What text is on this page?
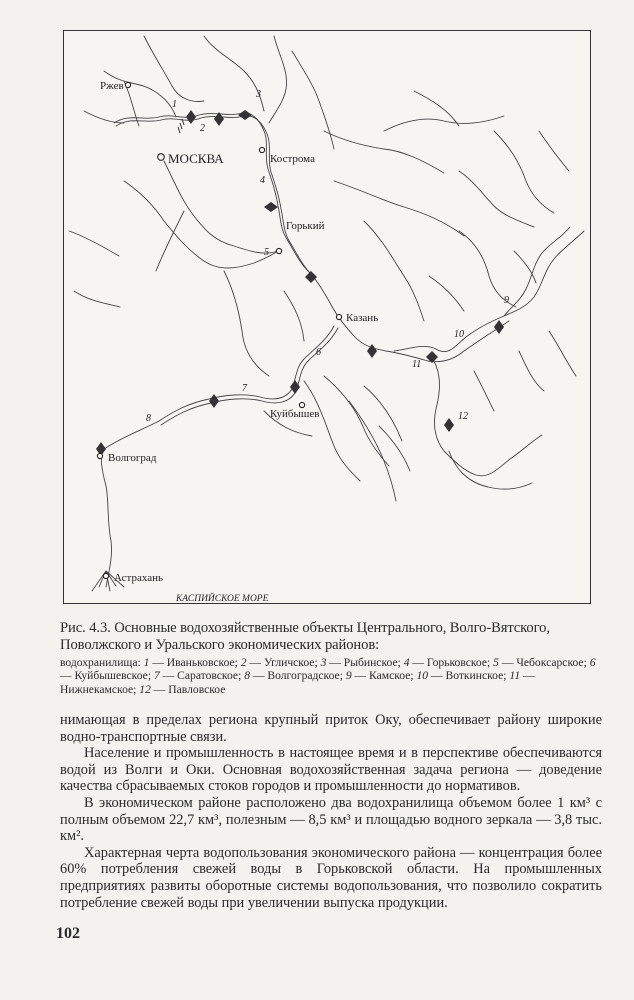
Ржев
МОСКВА	Кострома
Горький
Казань
Куйбышев
Волгоград
Астрахань
КАСПИЙСКОЕ МОРЕ
1
2
3
4
5
6
7
8
9
10
11
12
Рис. 4.3. Основные водохозяйственные объекты Центрального, Волго-Вятского, Поволжского и Уральского экономических районов:
водохранилища: 1 — Иваньковское; 2 — Угличское; 3 — Рыбинское; 4 — Горьковское; 5 — Чебоксарское; 6 — Куйбышевское; 7 — Саратовское; 8 — Волгоградское; 9 — Камское; 10 — Воткинское; 11 — Нижнекамское; 12 — Павловское

нимающая в пределах региона крупный приток Оку, обеспечивает району широкие водно-транспортные связи.

Население и промышленность в настоящее время и в перспективе обеспечиваются водой из Волги и Оки. Основная водохозяйственная задача региона — доведение качества сбрасываемых стоков городов и промышленности до нормативов.

В экономическом районе расположено два водохранилища объемом более 1 км³ с полным объемом 22,7 км³, полезным — 8,5 км³ и площадью водного зеркала — 3,8 тыс. км².

Характерная черта водопользования экономического района — концентрация более 60% потребления свежей воды в Горьковской области. На промышленных предприятиях развиты оборотные системы водопользования, что позволило сократить потребление свежей воды при увеличении выпуска продукции.

102
